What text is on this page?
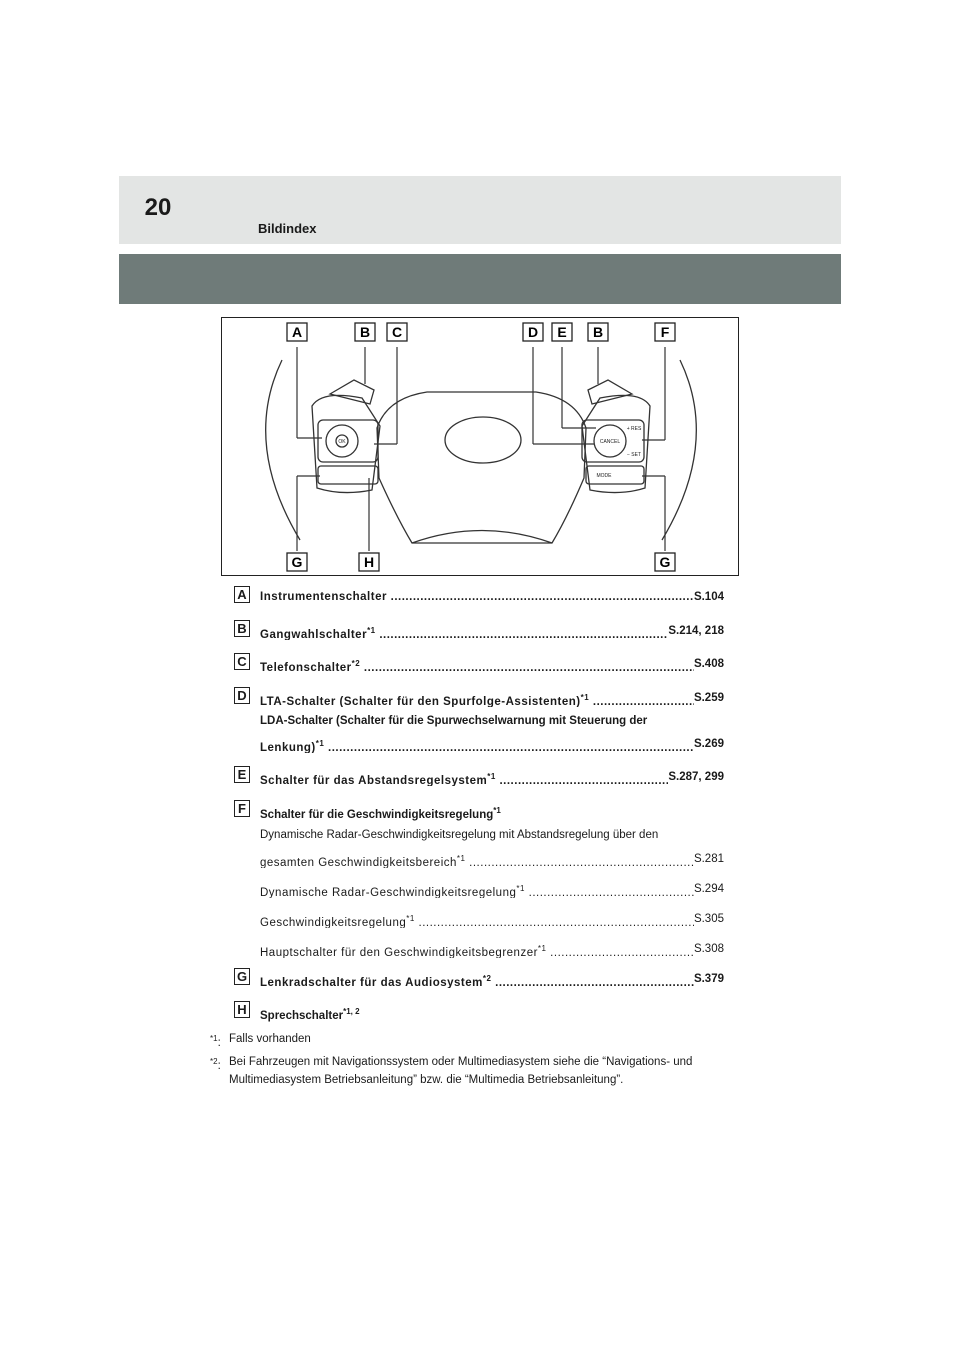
20
Bildindex
OK	CANCEL
+ RES
− SET
MODE
A	B C	D E B	F
G	H	G
A Instrumentenschalter .....	S.104
B Gangwahlschalter$^{*1}$ .....	S.214, 218
C Telefonschalter$^{*2}$ .....	S.408
D LTA-Schalter (Schalter für den Spurfolge-Assistenten)$^{*1}$ .....	S.259
LDA-Schalter (Schalter für die Spurwechselwarnung mit Steuerung der
Lenkung)$^{*1}$ .....	S.269
E	Schalter für das Abstandsregelsystem$^{*1}$ .....	S.287, 299
F	Schalter für die Geschwindigkeitsregelung$^{*1}$
Dynamische Radar-Geschwindigkeitsregelung mit Abstandsregelung über den
gesamten Geschwindigkeitsbereich$^{*1}$ .....	S.281
Dynamische Radar-Geschwindigkeitsregelung$^{*1}$ .....	S.294
Geschwindigkeitsregelung$^{*1}$ .....	S.305
Hauptschalter für den Geschwindigkeitsbegrenzer$^{*1}$ .....	S.308
G Lenkradschalter für das Audiosystem$^{*2}$ .....	S.379
H Sprechschalter$^{*1, 2}$
$^{*1}$: Falls vorhanden
$^{*2}$: Bei Fahrzeugen mit Navigationssystem oder Multimediasystem siehe die “Navigations- und Multimediasystem Betriebsanleitung” bzw. die “Multimedia Betriebsanleitung”.
